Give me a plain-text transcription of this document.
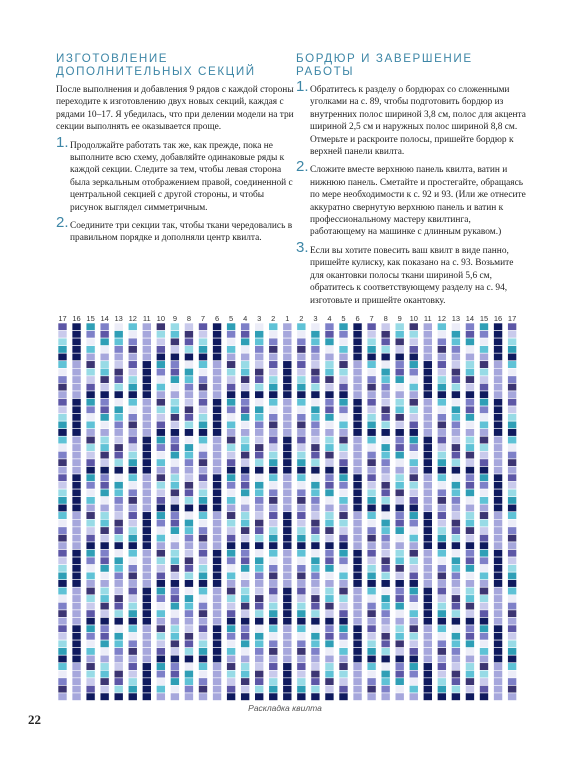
ИЗГОТОВЛЕНИЕ ДОПОЛНИТЕЛЬНЫХ СЕКЦИЙ

После выполнения и добавления 9 рядов с каждой стороны переходите к изготовлению двух новых секций, каждая с рядами 10–17. Я убедилась, что при делении модели на три секции выполнять ее оказывается проще.

1. Продолжайте работать так же, как прежде, пока не выполните всю схему, добавляйте одинаковые ряды к каждой секции. Следите за тем, чтобы левая сторона была зеркальным отображением правой, соединенной с центральной секцией с другой стороны, и чтобы рисунок выглядел симметричным.
2. Соедините три секции так, чтобы ткани чередовались в правильном порядке и дополняли центр квилта.
БОРДЮР И ЗАВЕРШЕНИЕ РАБОТЫ
1. Обратитесь к разделу о бордюрах со сложенными уголками на с. 89, чтобы подготовить бордюр из внутренних полос шириной 3,8 см, полос для акцента шириной 2,5 см и наружных полос шириной 8,8 см. Отмерьте и раскроите полосы, пришейте бордюр к верхней панели квилта.
2. Сложите вместе верхнюю панель квилта, ватин и нижнюю панель. Сметайте и простегайте, обращаясь по мере необходимости к с. 92 и 93. (Или же отнесите аккуратно свернутую верхнюю панель и ватин к профессиональному мастеру квилтинга, работающему на машинке с длинным рукавом.)
3. Если вы хотите повесить ваш квилт в виде панно, пришейте кулиску, как показано на с. 93. Возьмите для окантовки полосы ткани шириной 5,6 см, обратитесь к соответствующему разделу на с. 94, изготовьте и пришейте окантовку.
17 16 15 14 13 12 11 10 9 8 7 6 5 4 3 2 1 2 3 4 5 6 7 8 9 10 11 12 13 14 15 16 17
Раскладка квилта
22
